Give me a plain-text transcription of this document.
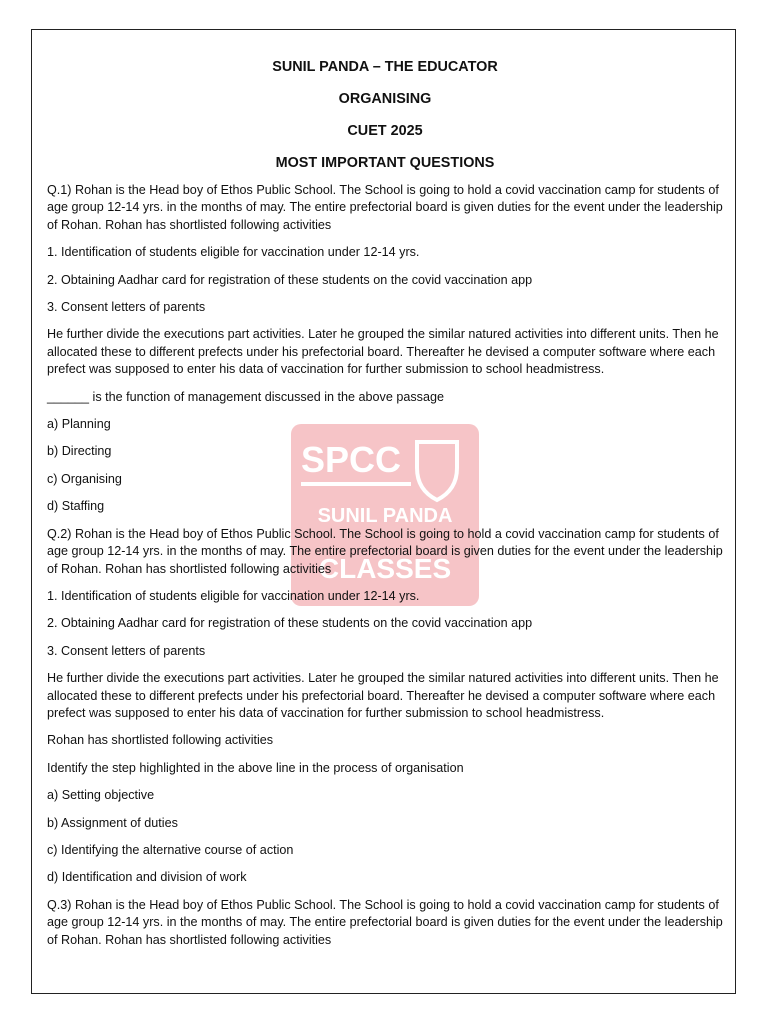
SPCC
SUNIL PANDA
CLASSES
SUNIL PANDA – THE EDUCATOR
ORGANISING
CUET 2025
MOST IMPORTANT QUESTIONS
Q.1) Rohan is the Head boy of Ethos Public School. The School is going to hold a covid vaccination camp for students of age group 12-14 yrs. in the months of may. The entire prefectorial board is given duties for the event under the leadership of Rohan. Rohan has shortlisted following activities
1. Identification of students eligible for vaccination under 12-14 yrs.
2. Obtaining Aadhar card for registration of these students on the covid vaccination app
3. Consent letters of parents
He further divide the executions part activities. Later he grouped the similar natured activities into different units. Then he allocated these to different prefects under his prefectorial board. Thereafter he devised a computer software where each prefect was supposed to enter his data of vaccination for further submission to school headmistress.
______ is the function of management discussed in the above passage
a) Planning
b) Directing
c) Organising
d) Staffing
Q.2) Rohan is the Head boy of Ethos Public School. The School is going to hold a covid vaccination camp for students of age group 12-14 yrs. in the months of may. The entire prefectorial board is given duties for the event under the leadership of Rohan. Rohan has shortlisted following activities
1. Identification of students eligible for vaccination under 12-14 yrs.
2. Obtaining Aadhar card for registration of these students on the covid vaccination app
3. Consent letters of parents
He further divide the executions part activities. Later he grouped the similar natured activities into different units. Then he allocated these to different prefects under his prefectorial board. Thereafter he devised a computer software where each prefect was supposed to enter his data of vaccination for further submission to school headmistress.
Rohan has shortlisted following activities
Identify the step highlighted in the above line in the process of organisation
a) Setting objective
b) Assignment of duties
c) Identifying the alternative course of action
d) Identification and division of work
Q.3) Rohan is the Head boy of Ethos Public School. The School is going to hold a covid vaccination camp for students of age group 12-14 yrs. in the months of may. The entire prefectorial board is given duties for the event under the leadership of Rohan. Rohan has shortlisted following activities
